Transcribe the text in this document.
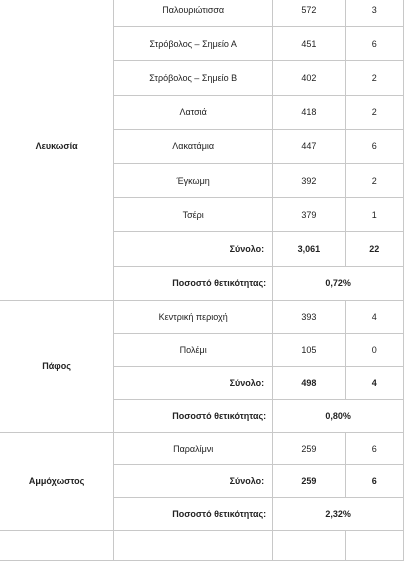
Λευκωσία	Παλουριώτισσα	572	3
	Στρόβολος – Σημείο Α	451	6
	Στρόβολος – Σημείο Β	402	2
	Λατσιά	418	2
	Λακατάμια	447	6
	Έγκωμη	392	2
	Τσέρι	379	1
	Σύνολο:	3,061	22
	Ποσοστό θετικότητας:	0,72%	
Πάφος	Κεντρική περιοχή	393	4
	Πολέμι	105	0
	Σύνολο:	498	4
	Ποσοστό θετικότητας:	0,80%	
Αμμόχωστος	Παραλίμνι	259	6
	Σύνολο:	259	6
	Ποσοστό θετικότητας:	2,32%	
